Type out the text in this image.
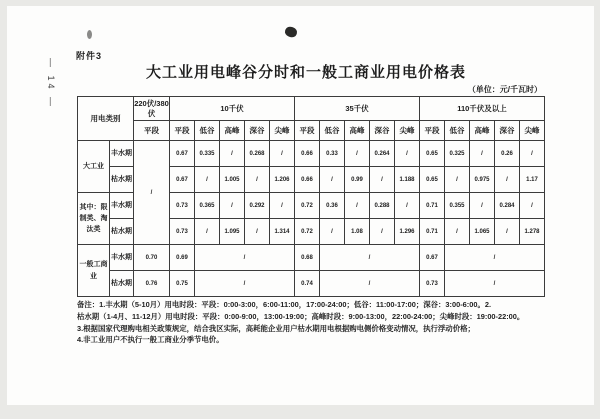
— 14 —
附件3
大工业用电峰谷分时和一般工商业用电价格表
（单位：元/千瓦时）
用电类别		220伏/380伏	10千伏					35千伏					110千伏及以上				
		平段	平段	低谷	高峰	深谷	尖峰	平段	低谷	高峰	深谷	尖峰	平段	低谷	高峰	深谷	尖峰
大工业	丰水期	/	0.67	0.335	/	0.268	/	0.66	0.33	/	0.264	/	0.65	0.325	/	0.26	/
	枯水期		0.67	/	1.005	/	1.206	0.66	/	0.99	/	1.188	0.65	/	0.975	/	1.17
其中：限制类、淘汰类	丰水期		0.73	0.365	/	0.292	/	0.72	0.36	/	0.288	/	0.71	0.355	/	0.284	/
	枯水期		0.73	/	1.095	/	1.314	0.72	/	1.08	/	1.296	0.71	/	1.065	/	1.278
一般工商业	丰水期	0.70	0.69	/				0.68	/				0.67	/			
	枯水期	0.76	0.75	/				0.74	/				0.73	/			
备注：1.丰水期（5-10月）用电时段：平段：0:00-3:00，6:00-11:00，17:00-24:00；低谷：11:00-17:00；深谷：3:00-6:00。2.
枯水期（1-4月、11-12月）用电时段：平段：0:00-9:00，13:00-19:00；高峰时段：9:00-13:00，22:00-24:00；尖峰时段：19:00-22:00。
3.根据国家代理购电相关政策规定，结合我区实际，高耗能企业用户枯水期用电根据购电侧价格变动情况，执行浮动价格；
4.非工业用户不执行一般工商业分季节电价。
